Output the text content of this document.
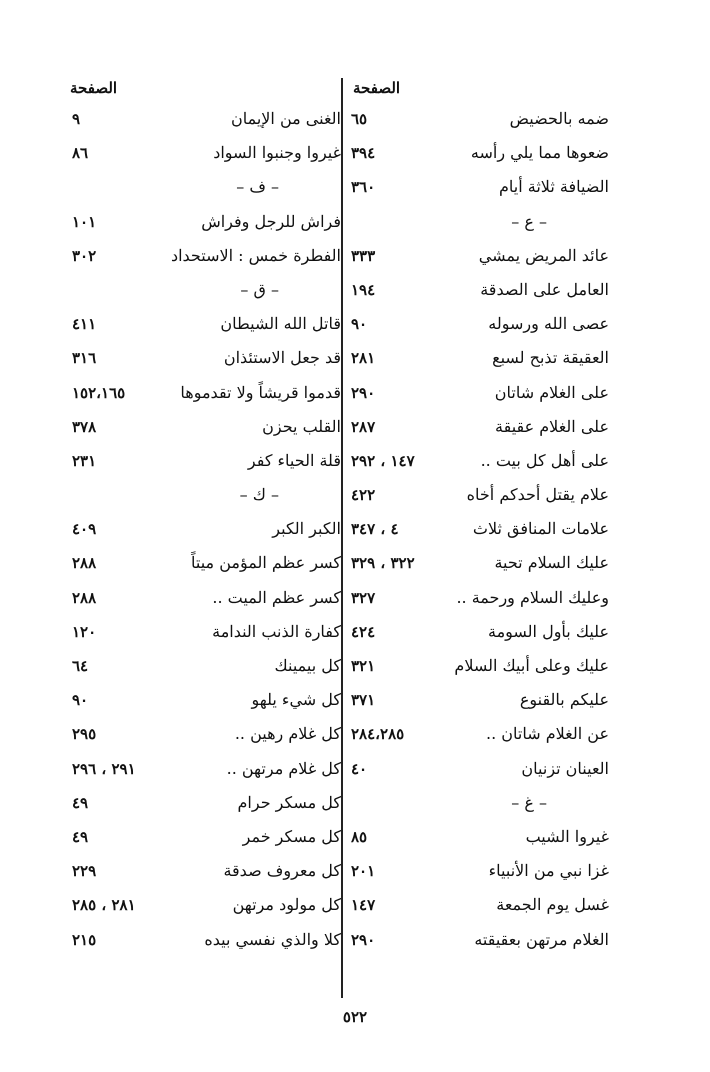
الصفحة
ضمه بالحضيض
٦٥
ضعوها مما يلي رأسه
٣٩٤
الضيافة ثلاثة أيام
٣٦٠
– ع –
عائد المريض يمشي
٣٣٣
العامل على الصدقة
١٩٤
عصى الله ورسوله
٩٠
العقيقة تذبح لسبع
٢٨١
على الغلام شاتان
٢٩٠
على الغلام عقيقة
٢٨٧
على أهل كل بيت ..
١٤٧ ، ٢٩٢
علام يقتل أحدكم أخاه
٤٢٢
علامات المنافق ثلاث
٤ ، ٣٤٧
عليك السلام تحية
٣٢٢ ، ٣٢٩
وعليك السلام ورحمة ..
٣٢٧
عليك بأول السومة
٤٢٤
عليك وعلى أبيك السلام
٣٢١
عليكم بالقنوع
٣٧١
عن الغلام شاتان ..
٢٨٤،٢٨٥
العينان تزنيان
٤٠
– غ –
غيروا الشيب
٨٥
غزا نبي من الأنبياء
٢٠١
غسل يوم الجمعة
١٤٧
الغلام مرتهن بعقيقته
٢٩٠
الصفحة
الغنى من الإيمان
٩
غيروا وجنبوا السواد
٨٦
– ف –
فراش للرجل وفراش
١٠١
الفطرة خمس : الاستحداد
٣٠٢
– ق –
قاتل الله الشيطان
٤١١
قد جعل الاستئذان
٣١٦
قدموا قريشاً ولا تقدموها
١٥٢،١٦٥
القلب يحزن
٣٧٨
قلة الحياء كفر
٢٣١
– ك –
الكبر الكبر
٤٠٩
كسر عظم المؤمن ميتاً
٢٨٨
كسر عظم الميت ..
٢٨٨
كفارة الذنب الندامة
١٢٠
كل بيمينك
٦٤
كل شيء يلهو
٩٠
كل غلام رهين ..
٢٩٥
كل غلام مرتهن ..
٢٩١ ، ٢٩٦
كل مسكر حرام
٤٩
كل مسكر خمر
٤٩
كل معروف صدقة
٢٢٩
كل مولود مرتهن
٢٨١ ، ٢٨٥
كلا والذي نفسي بيده
٢١٥
٥٢٢
